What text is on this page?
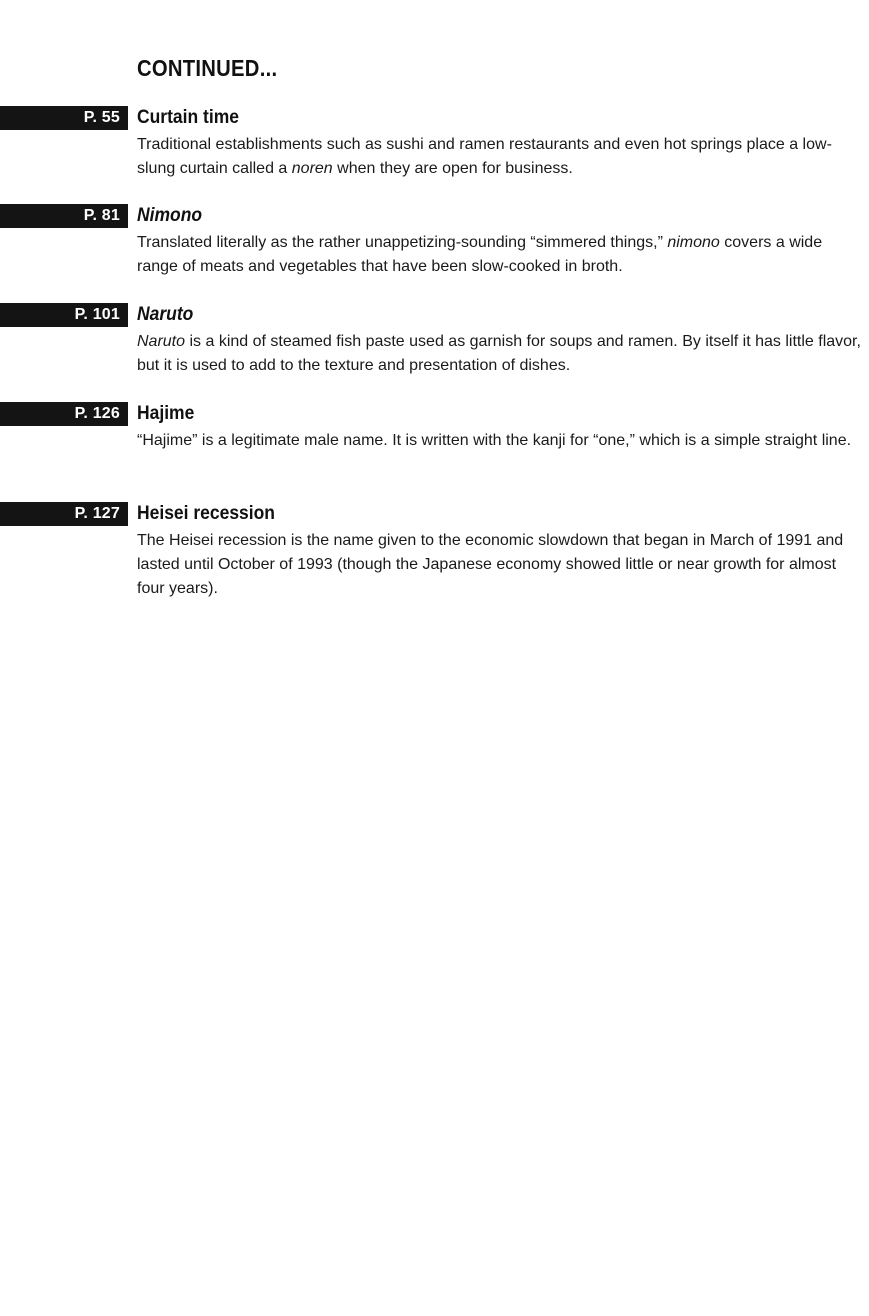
CONTINUED...
P. 55 Curtain time

Traditional establishments such as sushi and ramen restaurants and even hot springs place a low-slung curtain called a noren when they are open for business.

P. 81 Nimono

Translated literally as the rather unappetizing-sounding “simmered things,” nimono covers a wide range of meats and vegetables that have been slow-cooked in broth.

P. 101 Naruto

Naruto is a kind of steamed fish paste used as garnish for soups and ramen. By itself it has little flavor, but it is used to add to the texture and presentation of dishes.

P. 126 Hajime

“Hajime” is a legitimate male name. It is written with the kanji for “one,” which is a simple straight line.

P. 127 Heisei recession

The Heisei recession is the name given to the economic slowdown that began in March of 1991 and lasted until October of 1993 (though the Japanese economy showed little or near growth for almost four years).
